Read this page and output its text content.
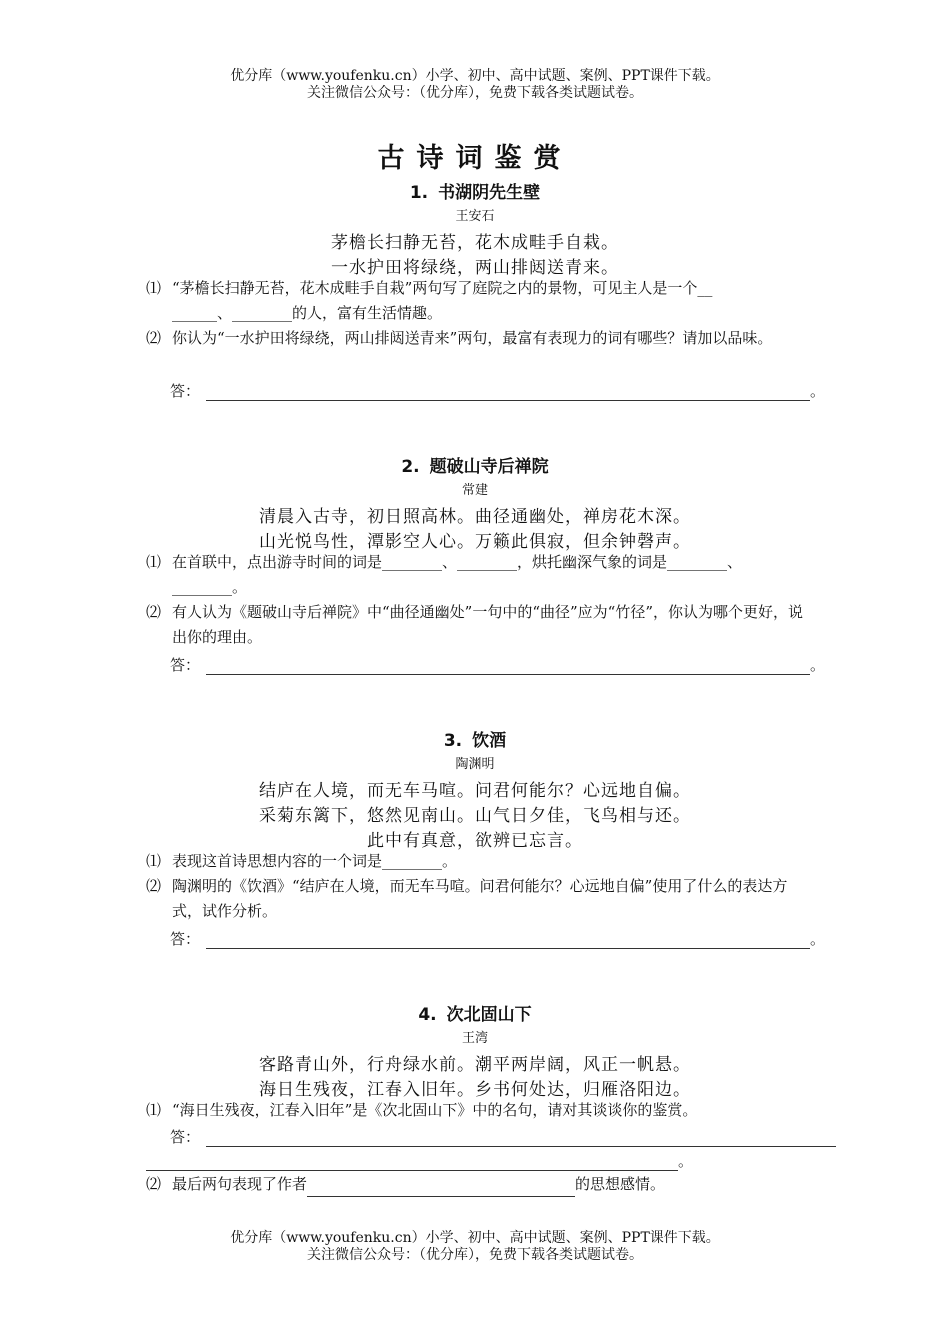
优分库（www.youfenku.cn）小学、初中、高中试题、案例、PPT课件下载。
关注微信公众号：（优分库），免费下载各类试题试卷。
古诗词鉴赏
1. 书湖阴先生壁
王安石
茅檐长扫静无苔，花木成畦手自栽。
一水护田将绿绕，两山排闼送青来。
⑴ “茅檐长扫静无苔，花木成畦手自栽”两句写了庭院之内的景物，可见主人是一个__
______、________的人，富有生活情趣。
⑵ 你认为“一水护田将绿绕，两山排闼送青来”两句，最富有表现力的词有哪些？请加以品味。
答：	。
2. 题破山寺后禅院
常建
清晨入古寺，初日照高林。曲径通幽处，禅房花木深。
山光悦鸟性，潭影空人心。万籁此俱寂，但余钟磬声。
⑴ 在首联中，点出游寺时间的词是________、________，烘托幽深气象的词是________、
________。
⑵ 有人认为《题破山寺后禅院》中“曲径通幽处”一句中的“曲径”应为“竹径”，你认为哪个更好，说出你的理由。
答：	。
3. 饮酒
陶渊明
结庐在人境，而无车马喧。问君何能尔？心远地自偏。
采菊东篱下，悠然见南山。山气日夕佳，飞鸟相与还。
此中有真意，欲辨已忘言。
⑴ 表现这首诗思想内容的一个词是________。
⑵ 陶渊明的《饮酒》“结庐在人境，而无车马喧。问君何能尔？心远地自偏”使用了什么的表达方式，试作分析。
答：	。
4. 次北固山下
王湾
客路青山外，行舟绿水前。潮平两岸阔，风正一帆悬。
海日生残夜，江春入旧年。乡书何处达，归雁洛阳边。
⑴ “海日生残夜，江春入旧年”是《次北固山下》中的名句，请对其谈谈你的鉴赏。
答：
。
⑵ 最后两句表现了作者	的思想感情。
优分库（www.youfenku.cn）小学、初中、高中试题、案例、PPT课件下载。
关注微信公众号：（优分库），免费下载各类试题试卷。
